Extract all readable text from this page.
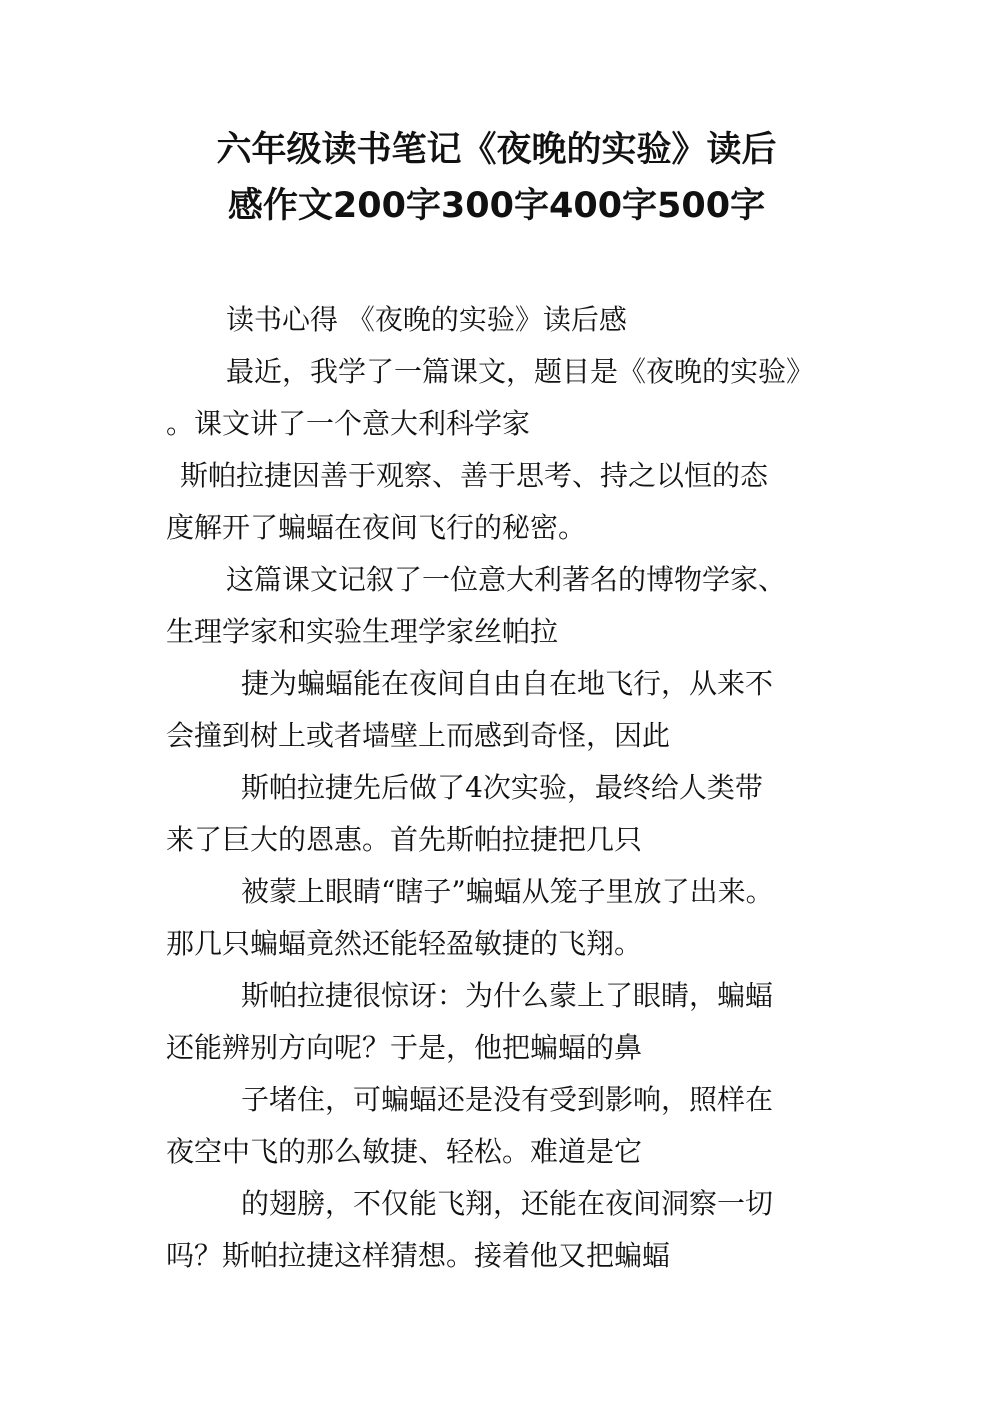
六年级读书笔记《夜晚的实验》读后
感作文200字300字400字500字

读书心得 《夜晚的实验》读后感

最近，我学了一篇课文，题目是《夜晚的实验》

。课文讲了一个意大利科学家

斯帕拉捷因善于观察、善于思考、持之以恒的态

度解开了蝙蝠在夜间飞行的秘密。

这篇课文记叙了一位意大利著名的博物学家、

生理学家和实验生理学家丝帕拉

捷为蝙蝠能在夜间自由自在地飞行，从来不

会撞到树上或者墙壁上而感到奇怪，因此

斯帕拉捷先后做了4次实验，最终给人类带

来了巨大的恩惠。首先斯帕拉捷把几只

被蒙上眼睛“瞎子”蝙蝠从笼子里放了出来。

那几只蝙蝠竟然还能轻盈敏捷的飞翔。

斯帕拉捷很惊讶：为什么蒙上了眼睛，蝙蝠

还能辨别方向呢？于是，他把蝙蝠的鼻

子堵住，可蝙蝠还是没有受到影响，照样在

夜空中飞的那么敏捷、轻松。难道是它

的翅膀，不仅能飞翔，还能在夜间洞察一切

吗？斯帕拉捷这样猜想。接着他又把蝙蝠
